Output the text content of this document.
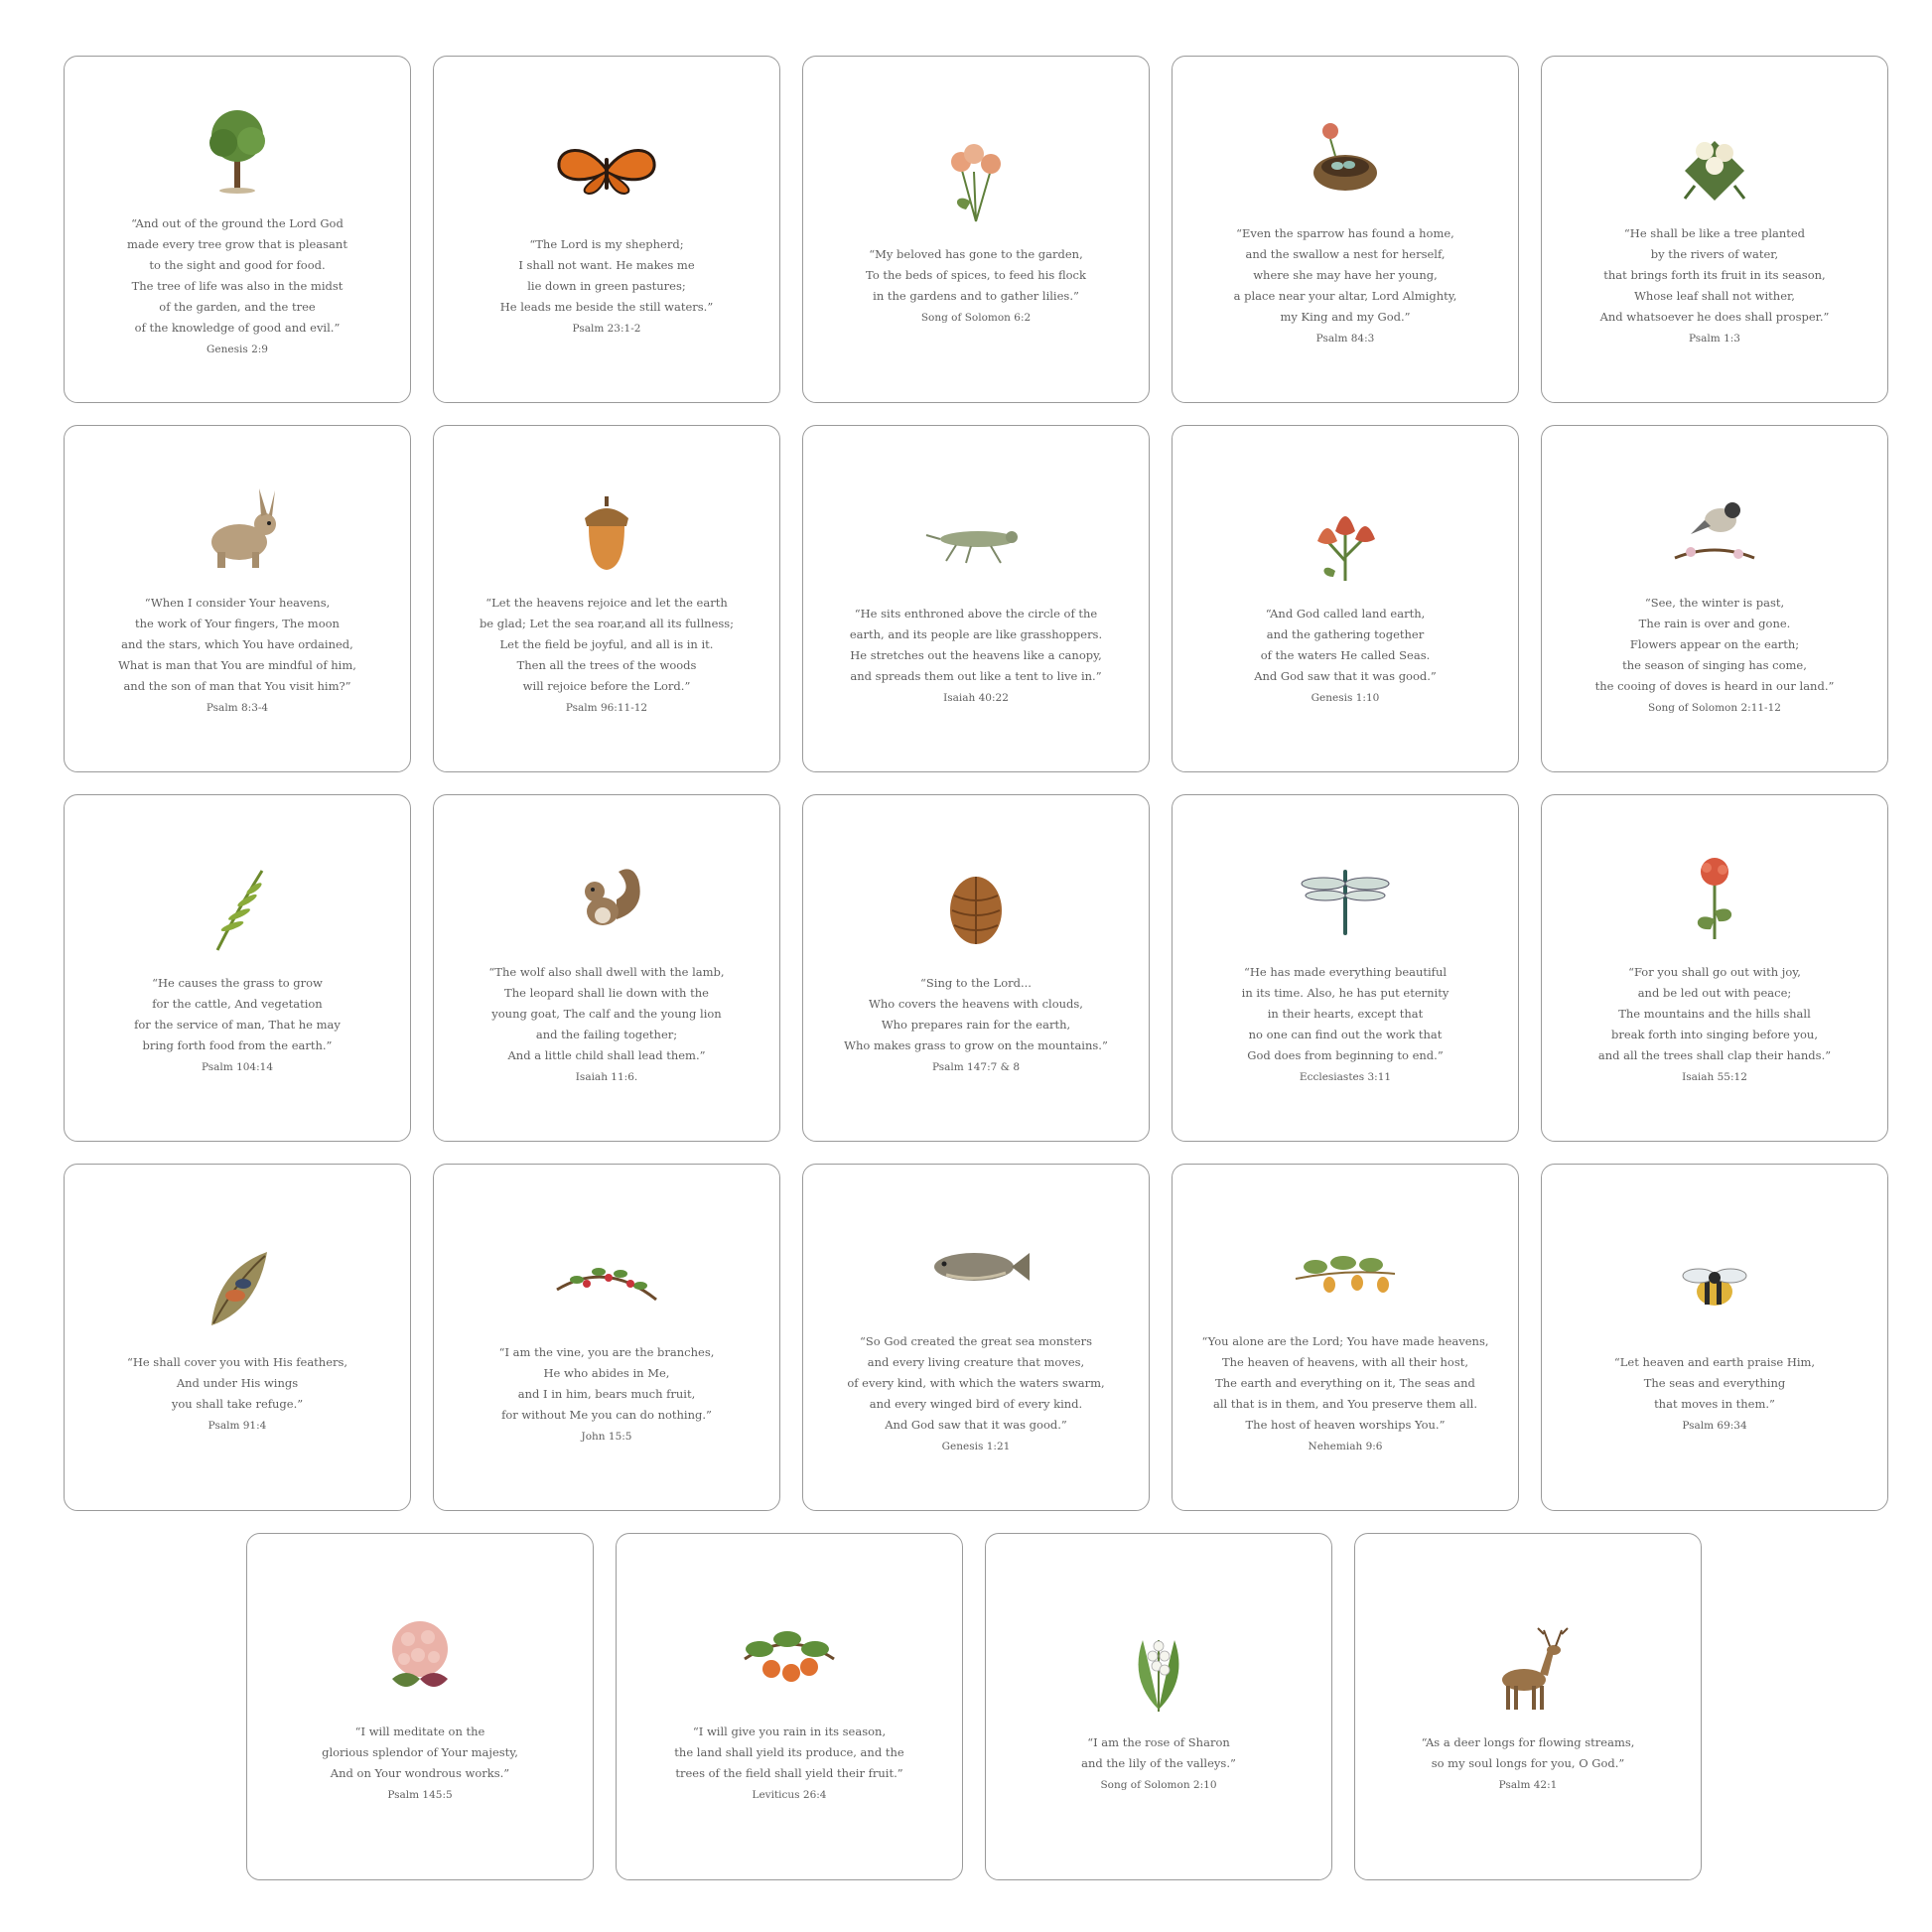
“And out of the ground the Lord God
made every tree grow that is pleasant
to the sight and good for food.
The tree of life was also in the midst
of the garden, and the tree
of the knowledge of good and evil.”

Genesis 2:9

“The Lord is my shepherd;
I shall not want. He makes me
lie down in green pastures;
He leads me beside the still waters.”

Psalm 23:1-2

“My beloved has gone to the garden,
To the beds of spices, to feed his flock
in the gardens and to gather lilies.”

Song of Solomon 6:2

“Even the sparrow has found a home,
and the swallow a nest for herself,
where she may have her young,
a place near your altar, Lord Almighty,
my King and my God.”

Psalm 84:3

“He shall be like a tree planted
by the rivers of water,
that brings forth its fruit in its season,
Whose leaf shall not wither,
And whatsoever he does shall prosper.”

Psalm 1:3

“When I consider Your heavens,
the work of Your fingers, The moon
and the stars, which You have ordained,
What is man that You are mindful of him,
and the son of man that You visit him?”

Psalm 8:3-4

“Let the heavens rejoice and let the earth
be glad; Let the sea roar,and all its fullness;
Let the field be joyful, and all is in it.
Then all the trees of the woods
will rejoice before the Lord.”

Psalm 96:11-12

“He sits enthroned above the circle of the
earth, and its people are like grasshoppers.
He stretches out the heavens like a canopy,
and spreads them out like a tent to live in.”

Isaiah 40:22

“And God called land earth,
and the gathering together
of the waters He called Seas.
And God saw that it was good.”

Genesis 1:10

“See, the winter is past,
The rain is over and gone.
Flowers appear on the earth;
the season of singing has come,
the cooing of doves is heard in our land.”

Song of Solomon 2:11-12

“He causes the grass to grow
for the cattle, And vegetation
for the service of man, That he may
bring forth food from the earth.”

Psalm 104:14

“The wolf also shall dwell with the lamb,
The leopard shall lie down with the
young goat, The calf and the young lion
and the failing together;
And a little child shall lead them.”

Isaiah 11:6.

“Sing to the Lord...
Who covers the heavens with clouds,
Who prepares rain for the earth,
Who makes grass to grow on the mountains.”

Psalm 147:7 & 8

“He has made everything beautiful
in its time. Also, he has put eternity
in their hearts, except that
no one can find out the work that
God does from beginning to end.”

Ecclesiastes 3:11

“For you shall go out with joy,
and be led out with peace;
The mountains and the hills shall
break forth into singing before you,
and all the trees shall clap their hands.”

Isaiah 55:12

“He shall cover you with His feathers,
And under His wings
you shall take refuge.”

Psalm 91:4

“I am the vine, you are the branches,
He who abides in Me,
and I in him, bears much fruit,
for without Me you can do nothing.”

John 15:5

“So God created the great sea monsters
and every living creature that moves,
of every kind, with which the waters swarm,
and every winged bird of every kind.
And God saw that it was good.”

Genesis 1:21

“You alone are the Lord; You have made heavens,
The heaven of heavens, with all their host,
The earth and everything on it, The seas and
all that is in them, and You preserve them all.
The host of heaven worships You.”

Nehemiah 9:6

“Let heaven and earth praise Him,
The seas and everything
that moves in them.”

Psalm 69:34

“I will meditate on the
glorious splendor of Your majesty,
And on Your wondrous works.”

Psalm 145:5

“I will give you rain in its season,
the land shall yield its produce, and the
trees of the field shall yield their fruit.”

Leviticus 26:4

“I am the rose of Sharon
and the lily of the valleys.”

Song of Solomon 2:10

“As a deer longs for flowing streams,
so my soul longs for you, O God.”

Psalm 42:1
